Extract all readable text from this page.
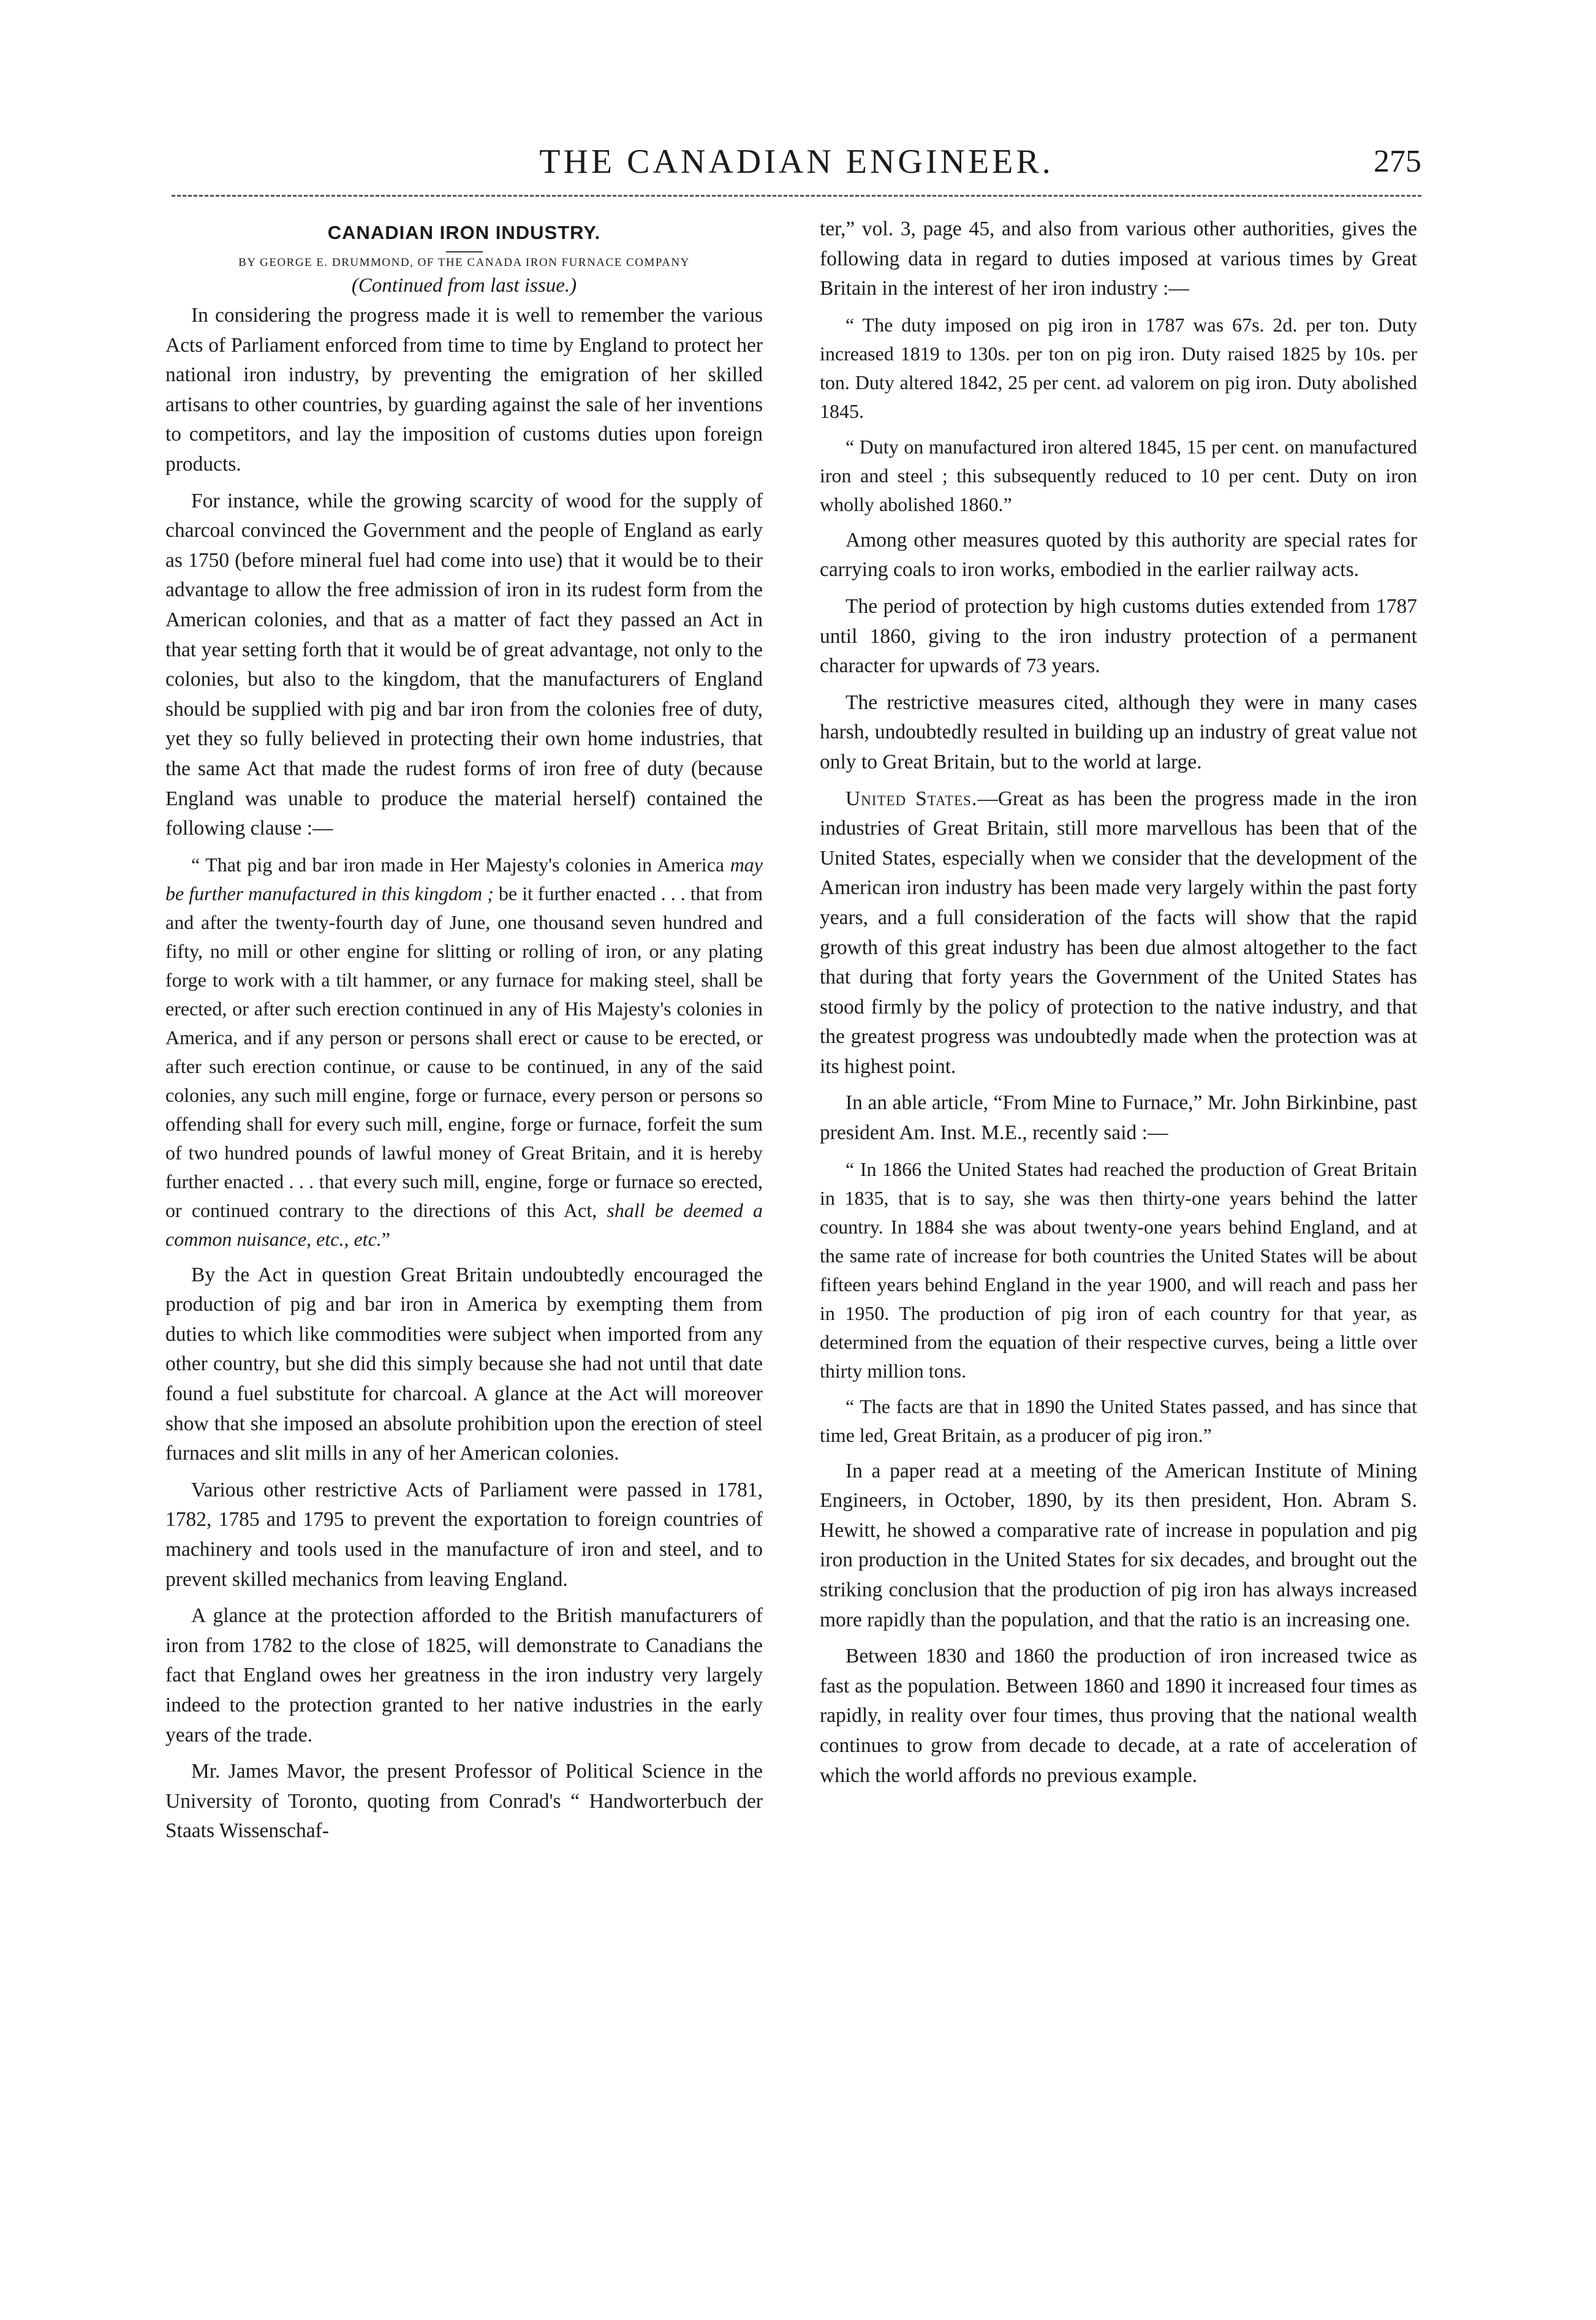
THE CANADIAN ENGINEER.	275
CANADIAN IRON INDUSTRY.
BY GEORGE E. DRUMMOND, OF THE CANADA IRON FURNACE COMPANY
(Continued from last issue.)

In considering the progress made it is well to remember the various Acts of Parliament enforced from time to time by England to protect her national iron industry, by preventing the emigration of her skilled artisans to other countries, by guarding against the sale of her inventions to competitors, and lay the imposition of customs duties upon foreign products.

For instance, while the growing scarcity of wood for the supply of charcoal convinced the Government and the people of England as early as 1750 (before mineral fuel had come into use) that it would be to their advantage to allow the free admission of iron in its rudest form from the American colonies, and that as a matter of fact they passed an Act in that year setting forth that it would be of great advantage, not only to the colonies, but also to the kingdom, that the manufacturers of England should be supplied with pig and bar iron from the colonies free of duty, yet they so fully believed in protecting their own home industries, that the same Act that made the rudest forms of iron free of duty (because England was unable to produce the material herself) contained the following clause :—

“ That pig and bar iron made in Her Majesty's colonies in America may be further manufactured in this kingdom ; be it further enacted . . . that from and after the twenty-fourth day of June, one thousand seven hundred and fifty, no mill or other engine for slitting or rolling of iron, or any plating forge to work with a tilt hammer, or any furnace for making steel, shall be erected, or after such erection continued in any of His Majesty's colonies in America, and if any person or persons shall erect or cause to be erected, or after such erection continue, or cause to be continued, in any of the said colonies, any such mill engine, forge or furnace, every person or persons so offending shall for every such mill, engine, forge or furnace, forfeit the sum of two hundred pounds of lawful money of Great Britain, and it is hereby further enacted . . . that every such mill, engine, forge or furnace so erected, or continued contrary to the directions of this Act, shall be deemed a common nuisance, etc., etc.”

By the Act in question Great Britain undoubtedly encouraged the production of pig and bar iron in America by exempting them from duties to which like commodities were subject when imported from any other country, but she did this simply because she had not until that date found a fuel substitute for charcoal. A glance at the Act will moreover show that she imposed an absolute prohibition upon the erection of steel furnaces and slit mills in any of her American colonies.

Various other restrictive Acts of Parliament were passed in 1781, 1782, 1785 and 1795 to prevent the exportation to foreign countries of machinery and tools used in the manufacture of iron and steel, and to prevent skilled mechanics from leaving England.

A glance at the protection afforded to the British manufacturers of iron from 1782 to the close of 1825, will demonstrate to Canadians the fact that England owes her greatness in the iron industry very largely indeed to the protection granted to her native industries in the early years of the trade.

Mr. James Mavor, the present Professor of Political Science in the University of Toronto, quoting from Conrad's “ Handworterbuch der Staats Wissenschaf-

ter,” vol. 3, page 45, and also from various other authorities, gives the following data in regard to duties imposed at various times by Great Britain in the interest of her iron industry :—

“ The duty imposed on pig iron in 1787 was 67s. 2d. per ton. Duty increased 1819 to 130s. per ton on pig iron. Duty raised 1825 by 10s. per ton. Duty altered 1842, 25 per cent. ad valorem on pig iron. Duty abolished 1845.

“ Duty on manufactured iron altered 1845, 15 per cent. on manufactured iron and steel ; this subsequently reduced to 10 per cent. Duty on iron wholly abolished 1860.”

Among other measures quoted by this authority are special rates for carrying coals to iron works, embodied in the earlier railway acts.

The period of protection by high customs duties extended from 1787 until 1860, giving to the iron industry protection of a permanent character for upwards of 73 years.

The restrictive measures cited, although they were in many cases harsh, undoubtedly resulted in building up an industry of great value not only to Great Britain, but to the world at large.

United States.—Great as has been the progress made in the iron industries of Great Britain, still more marvellous has been that of the United States, especially when we consider that the development of the American iron industry has been made very largely within the past forty years, and a full consideration of the facts will show that the rapid growth of this great industry has been due almost altogether to the fact that during that forty years the Government of the United States has stood firmly by the policy of protection to the native industry, and that the greatest progress was undoubtedly made when the protection was at its highest point.

In an able article, “From Mine to Furnace,” Mr. John Birkinbine, past president Am. Inst. M.E., recently said :—

“ In 1866 the United States had reached the production of Great Britain in 1835, that is to say, she was then thirty-one years behind the latter country. In 1884 she was about twenty-one years behind England, and at the same rate of increase for both countries the United States will be about fifteen years behind England in the year 1900, and will reach and pass her in 1950. The production of pig iron of each country for that year, as determined from the equation of their respective curves, being a little over thirty million tons.

“ The facts are that in 1890 the United States passed, and has since that time led, Great Britain, as a producer of pig iron.”

In a paper read at a meeting of the American Institute of Mining Engineers, in October, 1890, by its then president, Hon. Abram S. Hewitt, he showed a comparative rate of increase in population and pig iron production in the United States for six decades, and brought out the striking conclusion that the production of pig iron has always increased more rapidly than the population, and that the ratio is an increasing one.

Between 1830 and 1860 the production of iron increased twice as fast as the population. Between 1860 and 1890 it increased four times as rapidly, in reality over four times, thus proving that the national wealth continues to grow from decade to decade, at a rate of acceleration of which the world affords no previous example.
